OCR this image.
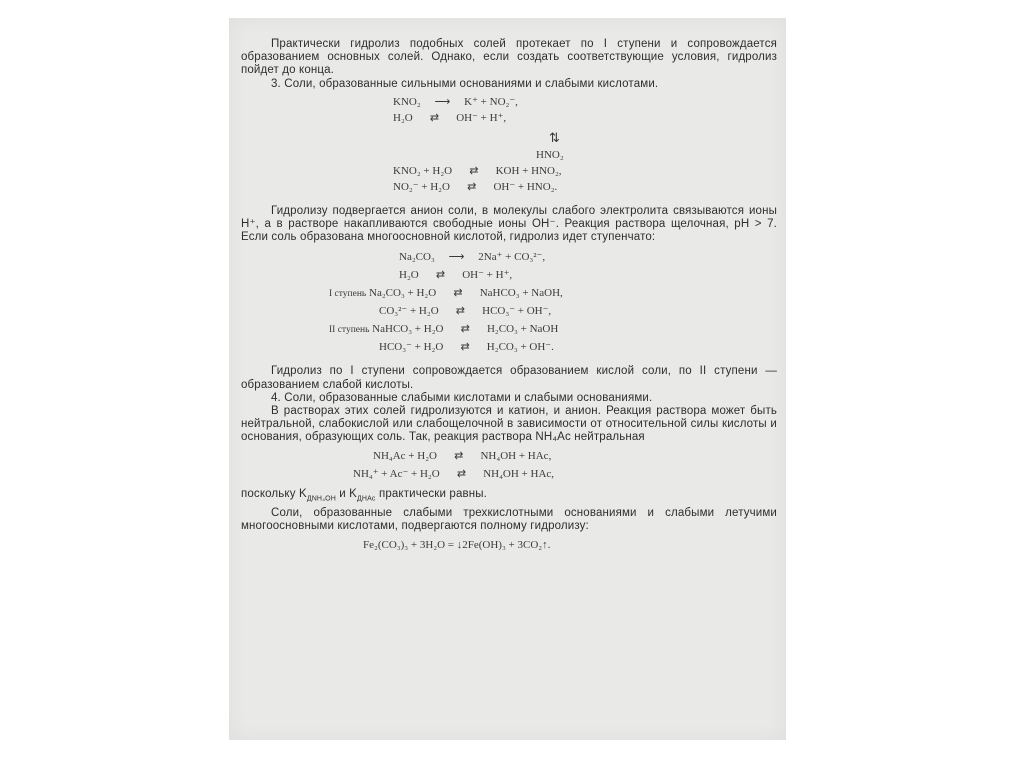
Практически гидролиз подобных солей протекает по I ступени и сопровождается образованием основных солей. Однако, если создать соответствующие условия, гидролиз пойдет до конца.

3. Соли, образованные сильными основаниями и слабыми кислотами.

KNO₂ ⟶ K⁺ + NO₂⁻,

H₂O ⇄ OH⁻ + H⁺,

⇅

HNO₂

KNO₂ + H₂O ⇄ KOH + HNO₂,

NO₂⁻ + H₂O ⇄ OH⁻ + HNO₂.

Гидролизу подвергается анион соли, в молекулы слабого электролита связываются ионы H⁺, а в растворе накапливаются свободные ионы OH⁻. Реакция раствора щелочная, pH > 7. Если соль образована многоосновной кислотой, гидролиз идет ступенчато:

Na₂CO₃ ⟶ 2Na⁺ + CO₃²⁻,

H₂O ⇄ OH⁻ + H⁺,

I ступень Na₂CO₃ + H₂O ⇄ NaHCO₃ + NaOH,

CO₃²⁻ + H₂O ⇄ HCO₃⁻ + OH⁻,

II ступень NaHCO₃ + H₂O ⇄ H₂CO₃ + NaOH

HCO₃⁻ + H₂O ⇄ H₂CO₃ + OH⁻.

Гидролиз по I ступени сопровождается образованием кислой соли, по II ступени — образованием слабой кислоты.

4. Соли, образованные слабыми кислотами и слабыми основаниями.

В растворах этих солей гидролизуются и катион, и анион. Реакция раствора может быть нейтральной, слабокислой или слабощелочной в зависимости от относительной силы кислоты и основания, образующих соль. Так, реакция раствора NH₄Ac нейтральная

NH₄Ac + H₂O ⇄ NH₄OH + HAc,

NH₄⁺ + Ac⁻ + H₂O ⇄ NH₄OH + HAc,

поскольку $K_{ДNH_4OH}$ и $K_{ДHAc}$ практически равны.

Соли, образованные слабыми трехкислотными основаниями и слабыми летучими многоосновными кислотами, подвергаются полному гидролизу:

Fe₂(CO₃)₃ + 3H₂O = ↓2Fe(OH)₃ + 3CO₂↑.
